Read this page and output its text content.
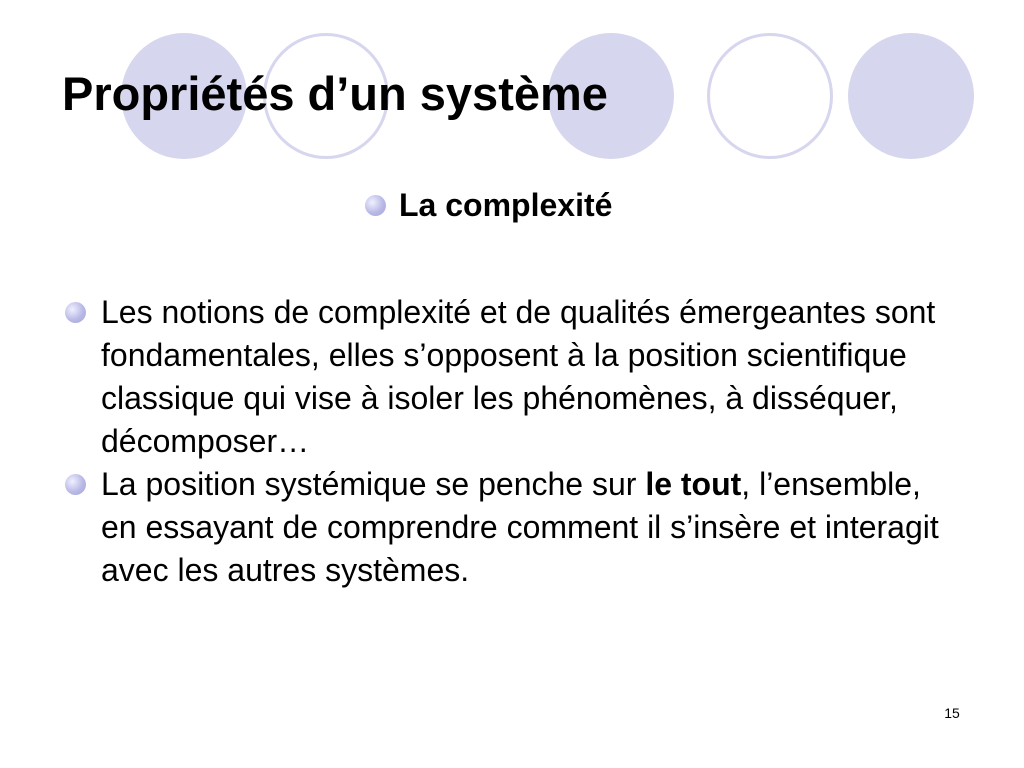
Propriétés d’un système
La complexité
Les notions de complexité et de qualités émergeantes sont fondamentales, elles s’opposent à la position scientifique classique qui vise à isoler les phénomènes, à disséquer, décomposer…
La position systémique se penche sur le tout, l’ensemble, en essayant de comprendre comment il s’insère et interagit avec les autres systèmes.
15
